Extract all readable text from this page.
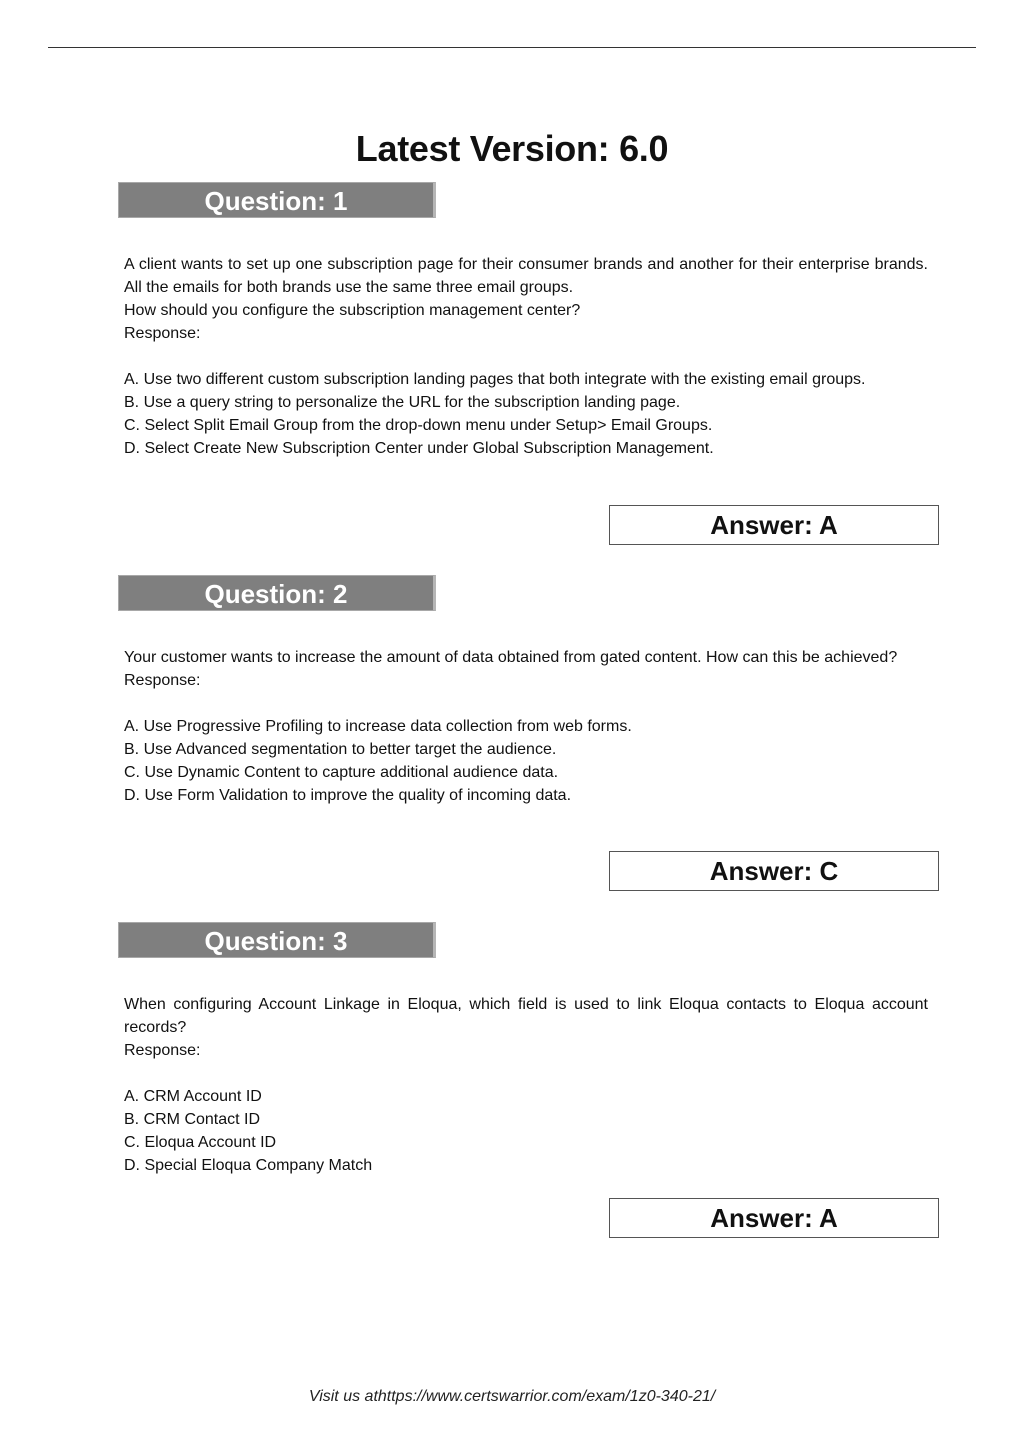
Latest Version: 6.0
Question: 1

A client wants to set up one subscription page for their consumer brands and another for their enterprise brands. All the emails for both brands use the same three email groups.

How should you configure the subscription management center?

Response:

A. Use two different custom subscription landing pages that both integrate with the existing email groups.

B. Use a query string to personalize the URL for the subscription landing page.

C. Select Split Email Group from the drop-down menu under Setup> Email Groups.

D. Select Create New Subscription Center under Global Subscription Management.

Answer: A
Question: 2

Your customer wants to increase the amount of data obtained from gated content. How can this be achieved?

Response:

A. Use Progressive Profiling to increase data collection from web forms.

B. Use Advanced segmentation to better target the audience.

C. Use Dynamic Content to capture additional audience data.

D. Use Form Validation to improve the quality of incoming data.

Answer: C
Question: 3

When configuring Account Linkage in Eloqua, which field is used to link Eloqua contacts to Eloqua account records?

Response:

A. CRM Account ID

B. CRM Contact ID

C. Eloqua Account ID

D. Special Eloqua Company Match

Answer: A
Visit us athttps://www.certswarrior.com/exam/1z0-340-21/
